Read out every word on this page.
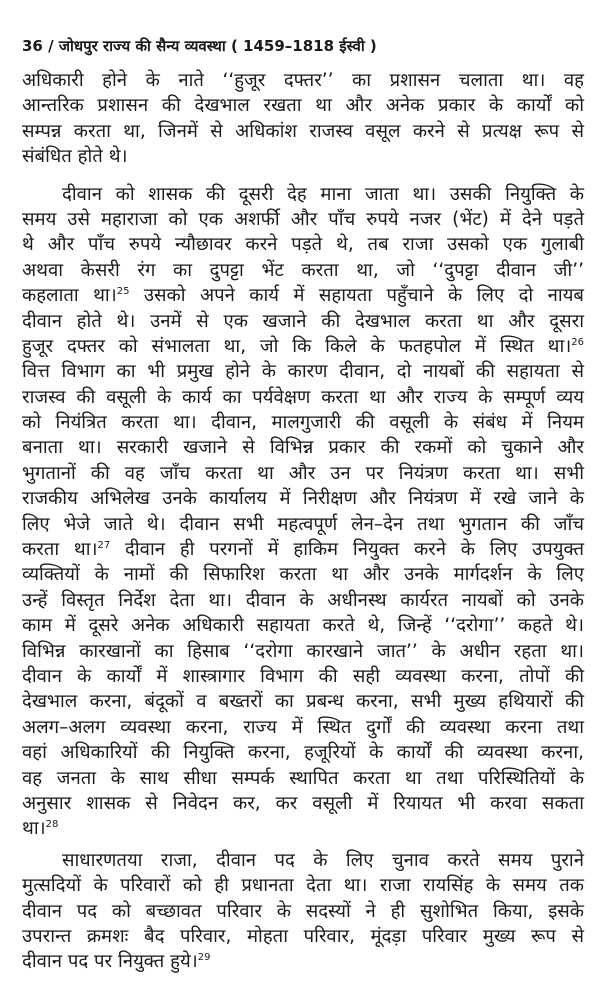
36 / जोधपुर राज्य की सैन्य व्यवस्था ( 1459–1818 ईस्वी )
अधिकारी होने के नाते ‘‘हुजूर दफ्तर’’ का प्रशासन चलाता था। वह
आन्तरिक प्रशासन की देखभाल रखता था और अनेक प्रकार के कार्यों को
सम्पन्न करता था, जिनमें से अधिकांश राजस्व वसूल करने से प्रत्यक्ष रूप से
संबंधित होते थे।
दीवान को शासक की दूसरी देह माना जाता था। उसकी नियुक्ति के
समय उसे महाराजा को एक अशर्फी और पाँच रुपये नजर (भेंट) में देने पड़ते
थे और पाँच रुपये न्यौछावर करने पड़ते थे, तब राजा उसको एक गुलाबी
अथवा केसरी रंग का दुपट्टा भेंट करता था, जो ‘‘दुपट्टा दीवान जी’’
कहलाता था।$^{25}$ उसको अपने कार्य में सहायता पहुँचाने के लिए दो नायब
दीवान होते थे। उनमें से एक खजाने की देखभाल करता था और दूसरा
हुजूर दफ्तर को संभालता था, जो कि किले के फतहपोल में स्थित था।$^{26}$
वित्त विभाग का भी प्रमुख होने के कारण दीवान, दो नायबों की सहायता से
राजस्व की वसूली के कार्य का पर्यवेक्षण करता था और राज्य के सम्पूर्ण व्यय
को नियंत्रित करता था। दीवान, मालगुजारी की वसूली के संबंध में नियम
बनाता था। सरकारी खजाने से विभिन्न प्रकार की रकमों को चुकाने और
भुगतानों की वह जाँच करता था और उन पर नियंत्रण करता था। सभी
राजकीय अभिलेख उनके कार्यालय में निरीक्षण और नियंत्रण में रखे जाने के
लिए भेजे जाते थे। दीवान सभी महत्वपूर्ण लेन–देन तथा भुगतान की जाँच
करता था।$^{27}$ दीवान ही परगनों में हाकिम नियुक्त करने के लिए उपयुक्त
व्यक्तियों के नामों की सिफारिश करता था और उनके मार्गदर्शन के लिए
उन्हें विस्तृत निर्देश देता था। दीवान के अधीनस्थ कार्यरत नायबों को उनके
काम में दूसरे अनेक अधिकारी सहायता करते थे, जिन्हें ‘‘दरोगा’’ कहते थे।
विभिन्न कारखानों का हिसाब ‘‘दरोगा कारखाने जात’’ के अधीन रहता था।
दीवान के कार्यों में शास्त्रागार विभाग की सही व्यवस्था करना, तोपों की
देखभाल करना, बंदूकों व बख्तरों का प्रबन्ध करना, सभी मुख्य हथियारों की
अलग–अलग व्यवस्था करना, राज्य में स्थित दुर्गों की व्यवस्था करना तथा
वहां अधिकारियों की नियुक्ति करना, हजूरियों के कार्यों की व्यवस्था करना,
वह जनता के साथ सीधा सम्पर्क स्थापित करता था तथा परिस्थितियों के
अनुसार शासक से निवेदन कर, कर वसूली में रियायत भी करवा सकता
था।$^{28}$
साधारणतया राजा, दीवान पद के लिए चुनाव करते समय पुराने
मुत्सदियों के परिवारों को ही प्रधानता देता था। राजा रायसिंह के समय तक
दीवान पद को बच्छावत परिवार के सदस्यों ने ही सुशोभित किया, इसके
उपरान्त क्रमशः बैद परिवार, मोहता परिवार, मूंदड़ा परिवार मुख्य रूप से
दीवान पद पर नियुक्त हुये।$^{29}$
